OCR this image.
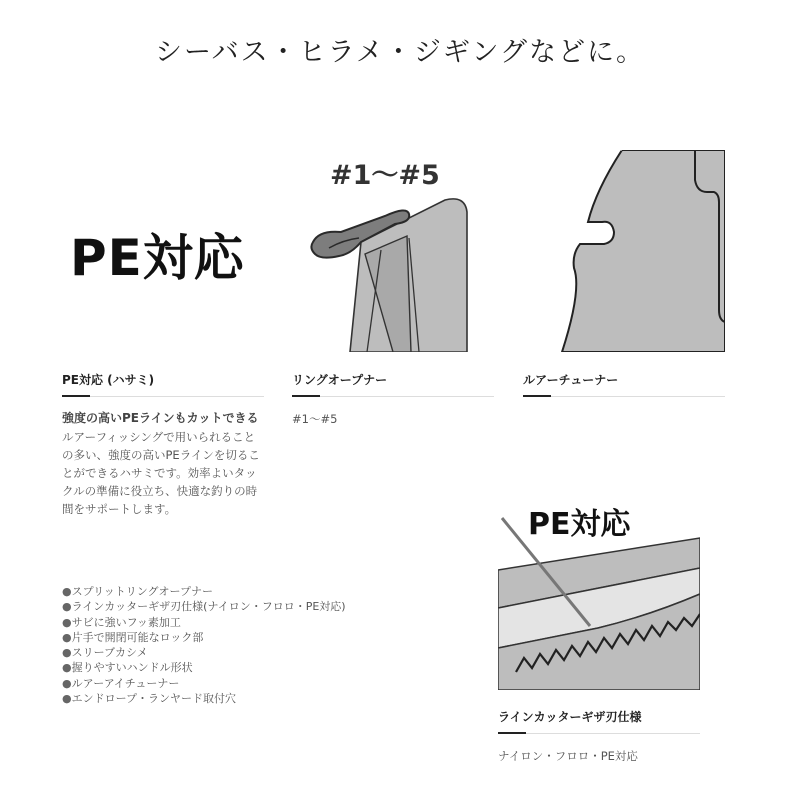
シーバス・ヒラメ・ジギングなどに。
PE対応
#1〜#5
PE対応
PE対応 (ハサミ)
強度の高いPEラインもカットできる
ルアーフィッシングで用いられることの多い、強度の高いPEラインを切ることができるハサミです。効率よいタックルの準備に役立ち、快適な釣りの時間をサポートします。
リングオープナー
#1〜#5
ルアーチューナー
ラインカッターギザ刃仕様
ナイロン・フロロ・PE対応
●スプリットリングオープナー
●ラインカッターギザ刃仕様(ナイロン・フロロ・PE対応)
●サビに強いフッ素加工
●片手で開閉可能なロック部
●スリーブカシメ
●握りやすいハンドル形状
●ルアーアイチューナー
●エンドロープ・ランヤード取付穴
